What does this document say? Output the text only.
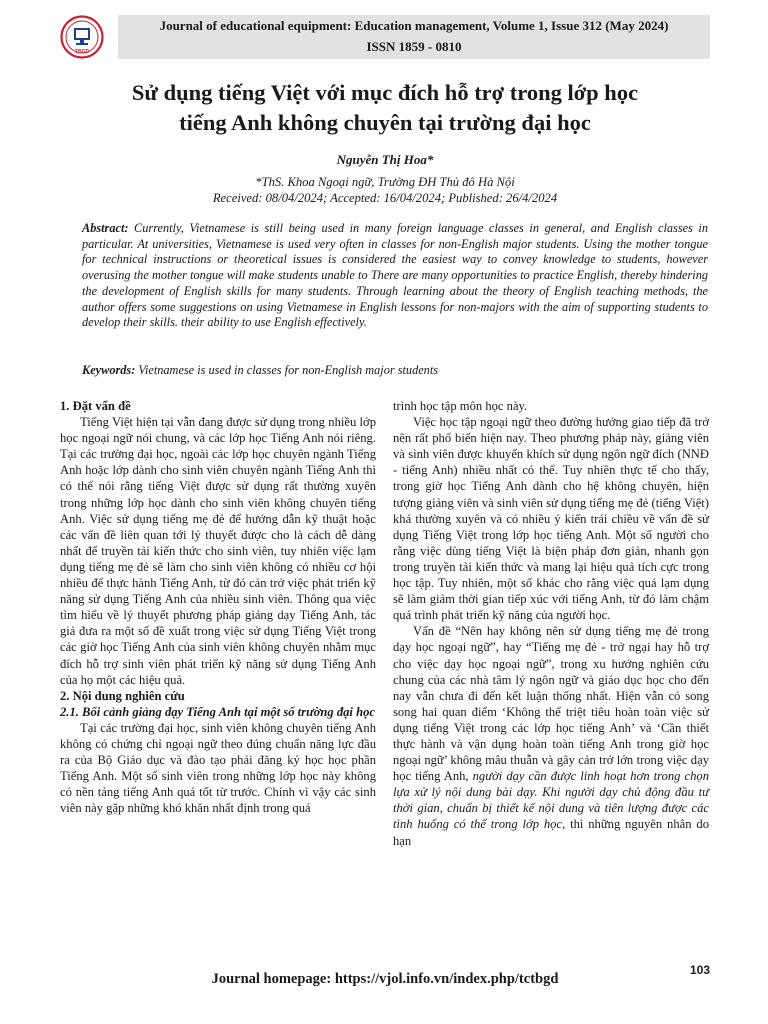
TBGD
Journal of educational equipment: Education management, Volume 1, Issue 312 (May 2024)
ISSN 1859 - 0810
Sử dụng tiếng Việt với mục đích hỗ trợ trong lớp học
tiếng Anh không chuyên tại trường đại học
Nguyễn Thị Hoa*
*ThS. Khoa Ngoại ngữ, Trường ĐH Thủ đô Hà Nội
Received: 08/04/2024; Accepted: 16/04/2024; Published: 26/4/2024
Abstract: Currently, Vietnamese is still being used in many foreign language classes in general, and English classes in particular. At universities, Vietnamese is used very often in classes for non-English major students. Using the mother tongue for technical instructions or theoretical issues is considered the easiest way to convey knowledge to students, however overusing the mother tongue will make students unable to There are many opportunities to practice English, thereby hindering the development of English skills for many students. Through learning about the theory of English teaching methods, the author offers some suggestions on using Vietnamese in English lessons for non-majors with the aim of supporting students to develop their skills. their ability to use English effectively.
Keywords: Vietnamese is used in classes for non-English major students
1. Đặt vấn đề

Tiếng Việt hiện tại vẫn đang được sử dụng trong nhiều lớp học ngoại ngữ nói chung, và các lớp học Tiếng Anh nói riêng. Tại các trường đại học, ngoài các lớp học chuyên ngành Tiếng Anh hoặc lớp dành cho sinh viên chuyên ngành Tiếng Anh thì có thể nói rằng tiếng Việt được sử dụng rất thường xuyên trong những lớp học dành cho sinh viên không chuyên tiếng Anh. Việc sử dụng tiếng mẹ đẻ để hướng dẫn kỹ thuật hoặc các vấn đề liên quan tới lý thuyết được cho là cách dễ dàng nhất để truyền tải kiến thức cho sinh viên, tuy nhiên việc lạm dụng tiếng mẹ đẻ sẽ làm cho sinh viên không có nhiều cơ hội nhiều để thực hành Tiếng Anh, từ đó cản trở việc phát triển kỹ năng sử dụng Tiếng Anh của nhiều sinh viên. Thông qua việc tìm hiểu về lý thuyết phương pháp giảng dạy Tiếng Anh, tác giả đưa ra một số đề xuất trong việc sử dụng Tiếng Việt trong các giờ học Tiếng Anh của sinh viên không chuyên nhằm mục đích hỗ trợ sinh viên phát triển kỹ năng sử dụng Tiếng Anh của họ một các hiệu quả.

2. Nội dung nghiên cứu
2.1. Bối cảnh giảng dạy Tiếng Anh tại một số trường đại học

Tại các trường đại học, sinh viên không chuyên tiếng Anh không có chứng chỉ ngoại ngữ theo đúng chuẩn năng lực đầu ra của Bộ Giáo dục và đào tạo phải đăng ký học học phần Tiếng Anh. Một số sinh viên trong những lớp học này không có nền tảng tiếng Anh quá tốt từ trước. Chính vì vậy các sinh viên này gặp những khó khăn nhất định trong quá

trình học tập môn học này.

Việc học tập ngoại ngữ theo đường hướng giao tiếp đã trở nên rất phổ biến hiện nay. Theo phương pháp này, giảng viên và sinh viên được khuyến khích sử dụng ngôn ngữ đích (NNĐ - tiếng Anh) nhiều nhất có thể. Tuy nhiên thực tế cho thấy, trong giờ học Tiếng Anh dành cho hệ không chuyên, hiện tượng giảng viên và sinh viên sử dụng tiếng mẹ đẻ (tiếng Việt) khá thường xuyên và có nhiều ý kiến trái chiều về vấn đề sử dụng Tiếng Việt trong lớp học tiếng Anh. Một số người cho rằng việc dùng tiếng Việt là biện pháp đơn giản, nhanh gọn trong truyền tải kiến thức và mang lại hiệu quả tích cực trong học tập. Tuy nhiên, một số khác cho rằng việc quá lạm dụng sẽ làm giảm thời gian tiếp xúc với tiếng Anh, từ đó làm chậm quá trình phát triển kỹ năng của người học.

Vấn đề “Nên hay không nên sử dụng tiếng mẹ đẻ trong dạy học ngoại ngữ”, hay “Tiếng mẹ đẻ - trở ngại hay hỗ trợ cho việc dạy học ngoại ngữ”, trong xu hướng nghiên cứu chung của các nhà tâm lý ngôn ngữ và giáo dục học cho đến nay vẫn chưa đi đến kết luận thống nhất. Hiện vẫn có song song hai quan điểm ‘Không thể triệt tiêu hoàn toàn việc sử dụng tiếng Việt trong các lớp học tiếng Anh’ và ‘Cần thiết thực hành và vận dụng hoàn toàn tiếng Anh trong giờ học ngoại ngữ’ không mâu thuẫn và gây cản trở lớn trong việc dạy học tiếng Anh, người dạy cần được linh hoạt hơn trong chọn lựa xử lý nội dung bài dạy. Khi người dạy chủ động đầu tư thời gian, chuẩn bị thiết kế nội dung và tiên lượng được các tình huống có thể trong lớp học, thì những nguyên nhân do hạn

103
Journal homepage: https://vjol.info.vn/index.php/tctbgd
